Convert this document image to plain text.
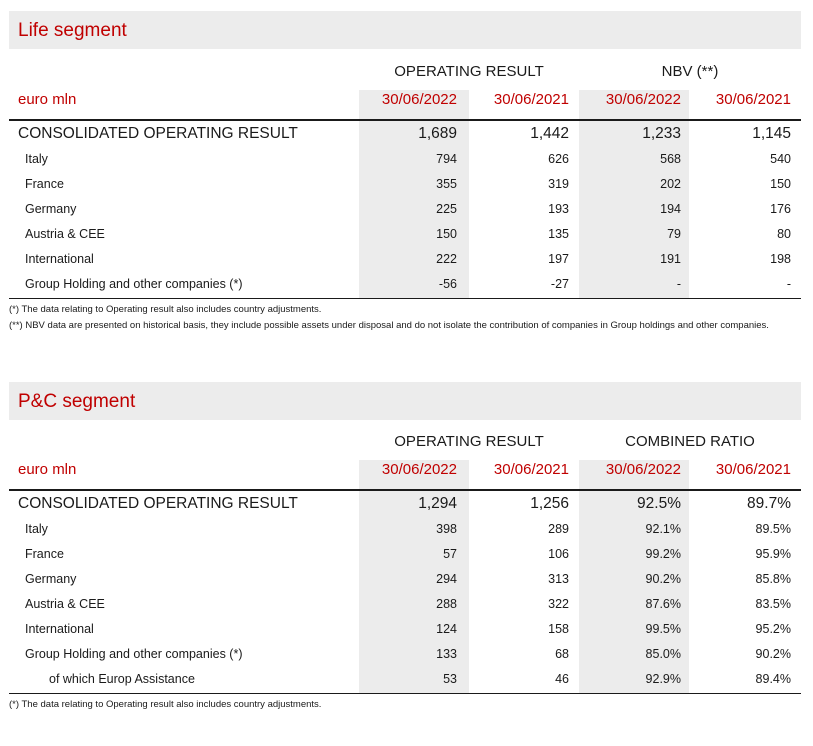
Life segment
OPERATING RESULT	NBV (**)
euro mln	30/06/2022	30/06/2021	30/06/2022	30/06/2021
CONSOLIDATED OPERATING RESULT	1,689	1,442	1,233	1,145
Italy	794	626	568	540
France	355	319	202	150
Germany	225	193	194	176
Austria & CEE	150	135	79	80
International	222	197	191	198
Group Holding and other companies (*)	-56	-27	-	-
(*) The data relating to Operating result also includes country adjustments.
(**) NBV data are presented on historical basis, they include possible assets under disposal and do not isolate the contribution of companies in Group holdings and other companies.
P&C segment
OPERATING RESULT	COMBINED RATIO
euro mln	30/06/2022	30/06/2021	30/06/2022	30/06/2021
CONSOLIDATED OPERATING RESULT	1,294	1,256	92.5%	89.7%
Italy	398	289	92.1%	89.5%
France	57	106	99.2%	95.9%
Germany	294	313	90.2%	85.8%
Austria & CEE	288	322	87.6%	83.5%
International	124	158	99.5%	95.2%
Group Holding and other companies (*)	133	68	85.0%	90.2%
of which Europ Assistance	53	46	92.9%	89.4%
(*) The data relating to Operating result also includes country adjustments.
